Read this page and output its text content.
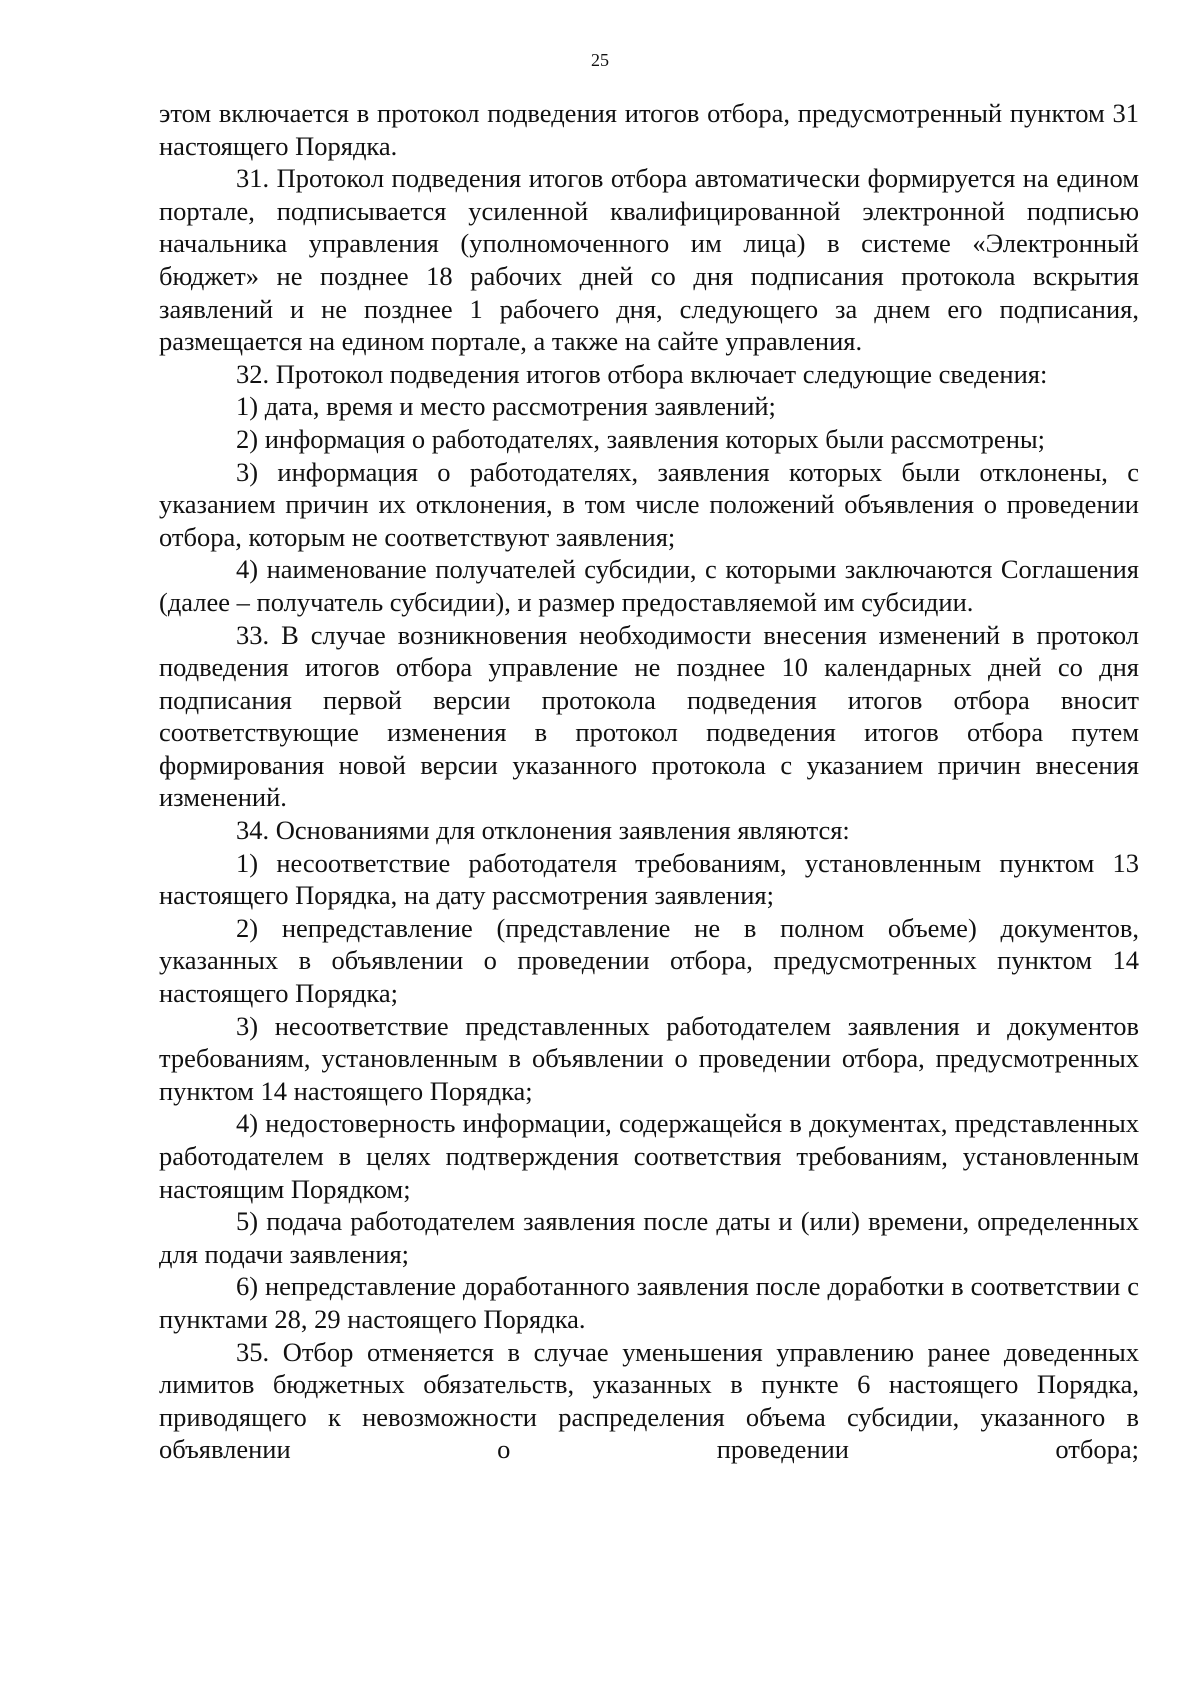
25

этом включается в протокол подведения итогов отбора, предусмотренный пунктом 31 настоящего Порядка.

31. Протокол подведения итогов отбора автоматически формируется на едином портале, подписывается усиленной квалифицированной электронной подписью начальника управления (уполномоченного им лица) в системе «Электронный бюджет» не позднее 18 рабочих дней со дня подписания протокола вскрытия заявлений и не позднее 1 рабочего дня, следующего за днем его подписания, размещается на едином портале, а также на сайте управления.

32. Протокол подведения итогов отбора включает следующие сведения:

1) дата, время и место рассмотрения заявлений;

2) информация о работодателях, заявления которых были рассмотрены;

3) информация о работодателях, заявления которых были отклонены, с указанием причин их отклонения, в том числе положений объявления о проведении отбора, которым не соответствуют заявления;

4) наименование получателей субсидии, с которыми заключаются Соглашения (далее – получатель субсидии), и размер предоставляемой им субсидии.

33. В случае возникновения необходимости внесения изменений в протокол подведения итогов отбора управление не позднее 10 календарных дней со дня подписания первой версии протокола подведения итогов отбора вносит соответствующие изменения в протокол подведения итогов отбора путем формирования новой версии указанного протокола с указанием причин внесения изменений.

34. Основаниями для отклонения заявления являются:

1) несоответствие работодателя требованиям, установленным пунктом 13 настоящего Порядка, на дату рассмотрения заявления;

2) непредставление (представление не в полном объеме) документов, указанных в объявлении о проведении отбора, предусмотренных пунктом 14 настоящего Порядка;

3) несоответствие представленных работодателем заявления и документов требованиям, установленным в объявлении о проведении отбора, предусмотренных пунктом 14 настоящего Порядка;

4) недостоверность информации, содержащейся в документах, представленных работодателем в целях подтверждения соответствия требованиям, установленным настоящим Порядком;

5) подача работодателем заявления после даты и (или) времени, определенных для подачи заявления;

6) непредставление доработанного заявления после доработки в соответствии с пунктами 28, 29 настоящего Порядка.

35. Отбор отменяется в случае уменьшения управлению ранее доведенных лимитов бюджетных обязательств, указанных в пункте 6 настоящего Порядка, приводящего к невозможности распределения объема субсидии, указанного в объявлении о проведении отбора;
